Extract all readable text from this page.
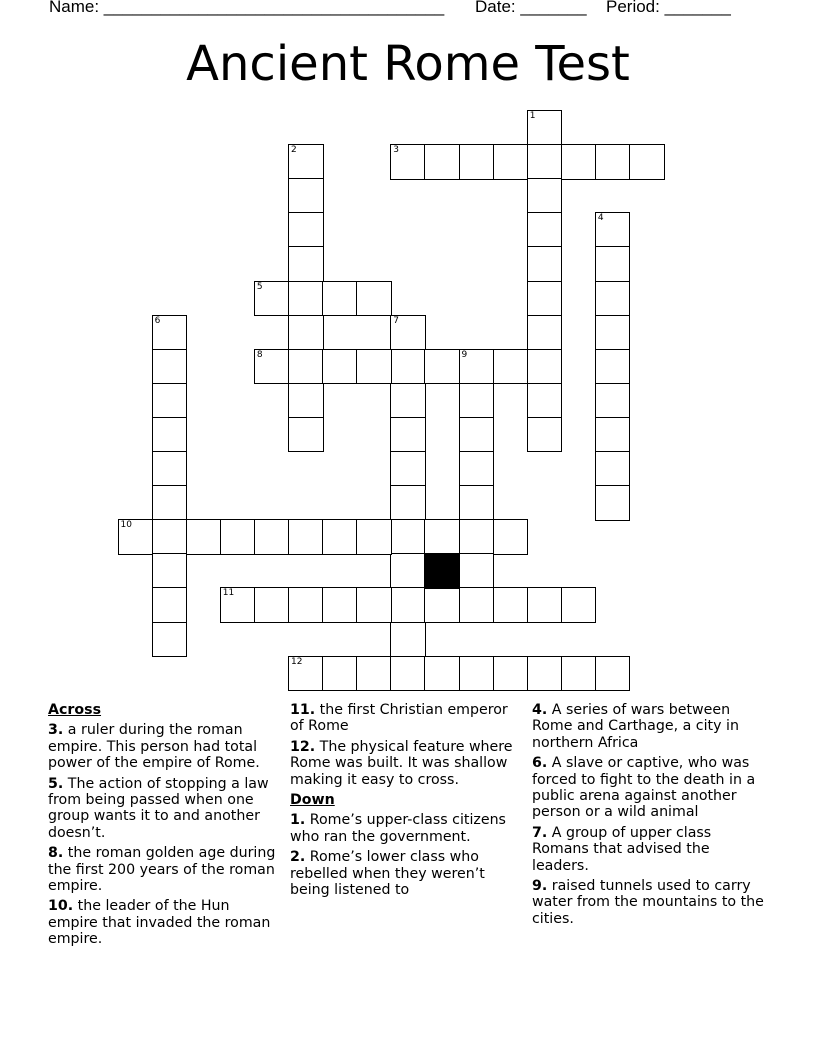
Name: ____________________________________ Date: _______ Period: _______
Ancient Rome Test
1
2	3
4
5
6	7
8	9
10
11
12
Across
3. a ruler during the roman empire. This person had total power of the empire of Rome.
5. The action of stopping a law from being passed when one group wants it to and another doesn’t.
8. the roman golden age during the first 200 years of the roman empire.
10. the leader of the Hun empire that invaded the roman empire.
11. the first Christian emperor of Rome
12. The physical feature where Rome was built. It was shallow making it easy to cross.
Down
1. Rome’s upper-class citizens who ran the government.
2. Rome’s lower class who rebelled when they weren’t being listened to
4. A series of wars between Rome and Carthage, a city in northern Africa
6. A slave or captive, who was forced to fight to the death in a public arena against another person or a wild animal
7. A group of upper class Romans that advised the leaders.
9. raised tunnels used to carry water from the mountains to the cities.
